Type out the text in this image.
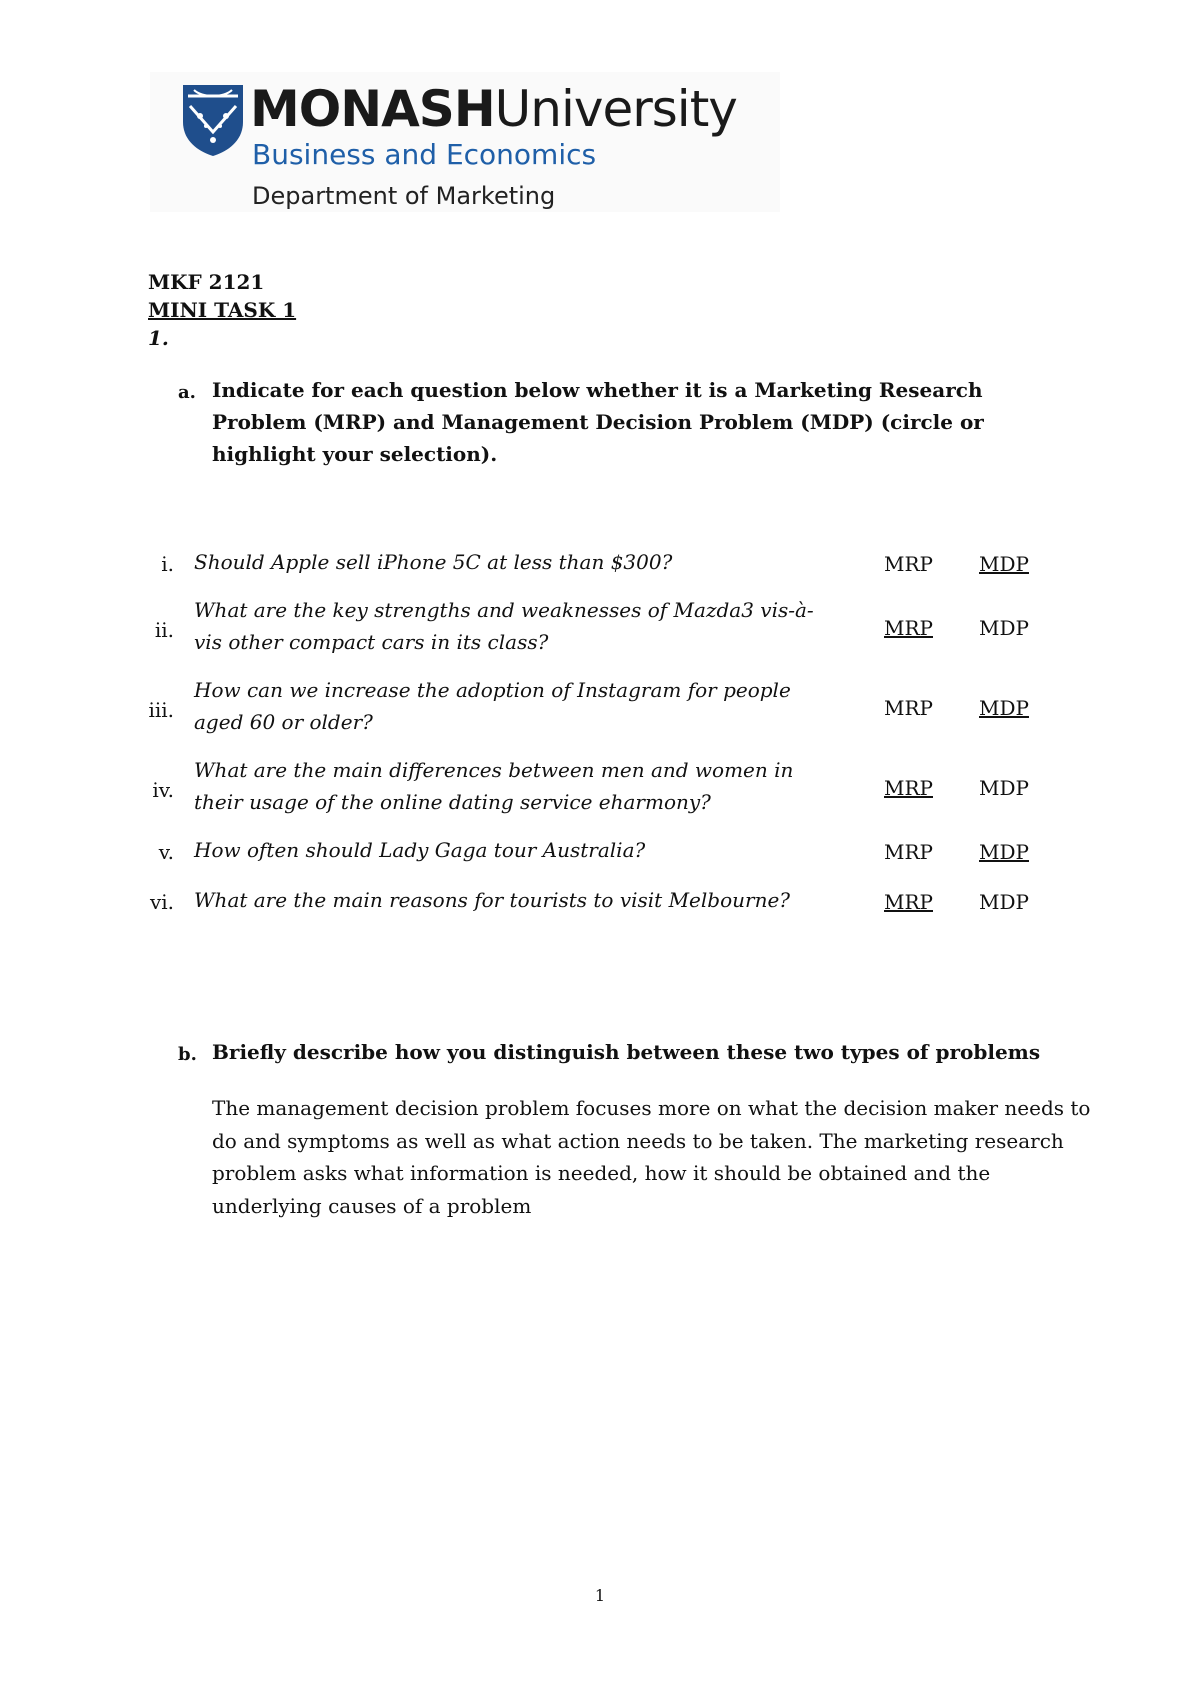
MONASHUniversity
Business and Economics
Department of Marketing
MKF 2121
MINI TASK 1
1.
a. Indicate for each question below whether it is a Marketing Research Problem (MRP) and Management Decision Problem (MDP) (circle or highlight your selection).
i. Should Apple sell iPhone 5C at less than $300?	MRP MDP
ii.
What are the key strengths and weaknesses of Mazda3 vis-à-vis other compact cars in its class?
MRP MDP
iii.
How can we increase the adoption of Instagram for people aged 60 or older?
MRP MDP
iv.
What are the main differences between men and women in their usage of the online dating service eharmony?
MRP MDP
v. How often should Lady Gaga tour Australia?	MRP MDP
vi. What are the main reasons for tourists to visit Melbourne?	MRP MDP
b. Briefly describe how you distinguish between these two types of problems
The management decision problem focuses more on what the decision maker needs to do and symptoms as well as what action needs to be taken. The marketing research problem asks what information is needed, how it should be obtained and the underlying causes of a problem
1
